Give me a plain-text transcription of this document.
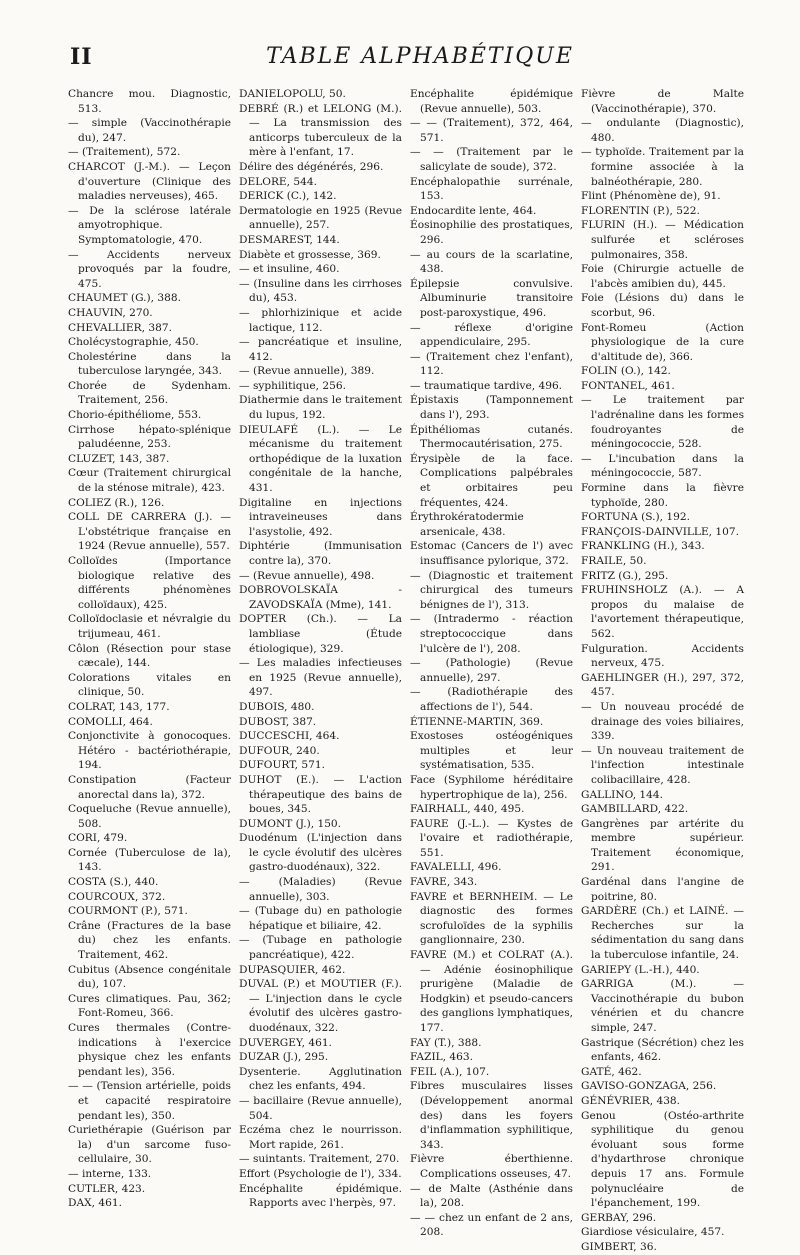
II	TABLE ALPHABÉTIQUE
Chancre mou. Diagnostic, 513.
— simple (Vaccinothérapie du), 247.
— (Traitement), 572.
CHARCOT (J.-M.). — Leçon d'ouverture (Clinique des maladies nerveuses), 465.
— De la sclérose latérale amyotrophique. Symptomatologie, 470.
— Accidents nerveux provoqués par la foudre, 475.
CHAUMET (G.), 388.
CHAUVIN, 270.
CHEVALLIER, 387.
Cholécystographie, 450.
Cholestérine dans la tuberculose laryngée, 343.
Chorée de Sydenham. Traitement, 256.
Chorio-épithéliome, 553.
Cirrhose hépato-splénique paludéenne, 253.
CLUZET, 143, 387.
Cœur (Traitement chirurgical de la sténose mitrale), 423.
COLIEZ (R.), 126.
COLL DE CARRERA (J.). — L'obstétrique française en 1924 (Revue annuelle), 557.
Colloïdes (Importance biologique relative des différents phénomènes colloïdaux), 425.
Colloïdoclasie et névralgie du trijumeau, 461.
Côlon (Résection pour stase cæcale), 144.
Colorations vitales en clinique, 50.
COLRAT, 143, 177.
COMOLLI, 464.
Conjonctivite à gonocoques. Hétéro - bactériothérapie, 194.
Constipation (Facteur anorectal dans la), 372.
Coqueluche (Revue annuelle), 508.
CORI, 479.
Cornée (Tuberculose de la), 143.
COSTA (S.), 440.
COURCOUX, 372.
COURMONT (P.), 571.
Crâne (Fractures de la base du) chez les enfants. Traitement, 462.
Cubitus (Absence congénitale du), 107.
Cures climatiques. Pau, 362; Font-Romeu, 366.
Cures thermales (Contre-indications à l'exercice physique chez les enfants pendant les), 356.
— — (Tension artérielle, poids et capacité respiratoire pendant les), 350.
Curiethérapie (Guérison par la) d'un sarcome fuso-cellulaire, 30.
— interne, 133.
CUTLER, 423.
DAX, 461.
DANIELOPOLU, 50.
DEBRÉ (R.) et LELONG (M.). — La transmission des anticorps tuberculeux de la mère à l'enfant, 17.
Délire des dégénérés, 296.
DELORE, 544.
DERICK (C.), 142.
Dermatologie en 1925 (Revue annuelle), 257.
DESMAREST, 144.
Diabète et grossesse, 369.
— et insuline, 460.
— (Insuline dans les cirrhoses du), 453.
— phlorhizinique et acide lactique, 112.
— pancréatique et insuline, 412.
— (Revue annuelle), 389.
— syphilitique, 256.
Diathermie dans le traitement du lupus, 192.
DIEULAFÉ (L.). — Le mécanisme du traitement orthopédique de la luxation congénitale de la hanche, 431.
Digitaline en injections intraveineuses dans l'asystolie, 492.
Diphtérie (Immunisation contre la), 370.
— (Revue annuelle), 498.
DOBROVOLSKAÏA - ZAVODSKAÏA (Mme), 141.
DOPTER (Ch.). — La lambliase (Étude étiologique), 329.
— Les maladies infectieuses en 1925 (Revue annuelle), 497.
DUBOIS, 480.
DUBOST, 387.
DUCCESCHI, 464.
DUFOUR, 240.
DUFOURT, 571.
DUHOT (E.). — L'action thérapeutique des bains de boues, 345.
DUMONT (J.), 150.
Duodénum (L'injection dans le cycle évolutif des ulcères gastro-duodénaux), 322.
— (Maladies) (Revue annuelle), 303.
— (Tubage du) en pathologie hépatique et biliaire, 42.
— (Tubage en pathologie pancréatique), 422.
DUPASQUIER, 462.
DUVAL (P.) et MOUTIER (F.). — L'injection dans le cycle évolutif des ulcères gastro-duodénaux, 322.
DUVERGEY, 461.
DUZAR (J.), 295.
Dysenterie. Agglutination chez les enfants, 494.
— bacillaire (Revue annuelle), 504.
Eczéma chez le nourrisson. Mort rapide, 261.
— suintants. Traitement, 270.
Effort (Psychologie de l'), 334.
Encéphalite épidémique. Rapports avec l'herpès, 97.
Encéphalite épidémique (Revue annuelle), 503.
— — (Traitement), 372, 464, 571.
— — (Traitement par le salicylate de soude), 372.
Encéphalopathie surrénale, 153.
Endocardite lente, 464.
Éosinophilie des prostatiques, 296.
— au cours de la scarlatine, 438.
Épilepsie convulsive. Albuminurie transitoire post-paroxystique, 496.
— réflexe d'origine appendiculaire, 295.
— (Traitement chez l'enfant), 112.
— traumatique tardive, 496.
Épistaxis (Tamponnement dans l'), 293.
Épithéliomas cutanés. Thermocautérisation, 275.
Érysipèle de la face. Complications palpébrales et orbitaires peu fréquentes, 424.
Érythrokératodermie arsenicale, 438.
Estomac (Cancers de l') avec insuffisance pylorique, 372.
— (Diagnostic et traitement chirurgical des tumeurs bénignes de l'), 313.
— (Intradermo - réaction streptococcique dans l'ulcère de l'), 208.
— (Pathologie) (Revue annuelle), 297.
— (Radiothérapie des affections de l'), 544.
ÉTIENNE-MARTIN, 369.
Exostoses ostéogéniques multiples et leur systématisation, 535.
Face (Syphilome héréditaire hypertrophique de la), 256.
FAIRHALL, 440, 495.
FAURE (J.-L.). — Kystes de l'ovaire et radiothérapie, 551.
FAVALELLI, 496.
FAVRE, 343.
FAVRE et BERNHEIM. — Le diagnostic des formes scrofuloïdes de la syphilis ganglionnaire, 230.
FAVRE (M.) et COLRAT (A.). — Adénie éosinophilique prurigène (Maladie de Hodgkin) et pseudo-cancers des ganglions lymphatiques, 177.
FAY (T.), 388.
FAZIL, 463.
FEIL (A.), 107.
Fibres musculaires lisses (Développement anormal des) dans les foyers d'inflammation syphilitique, 343.
Fièvre éberthienne. Complications osseuses, 47.
— de Malte (Asthénie dans la), 208.
— — chez un enfant de 2 ans, 208.
Fièvre de Malte (Vaccinothérapie), 370.
— ondulante (Diagnostic), 480.
— typhoïde. Traitement par la formine associée à la balnéothérapie, 280.
Flint (Phénomène de), 91.
FLORENTIN (P.), 522.
FLURIN (H.). — Médication sulfurée et scléroses pulmonaires, 358.
Foie (Chirurgie actuelle de l'abcès amibien du), 445.
Foie (Lésions du) dans le scorbut, 96.
Font-Romeu (Action physiologique de la cure d'altitude de), 366.
FOLIN (O.), 142.
FONTANEL, 461.
— Le traitement par l'adrénaline dans les formes foudroyantes de méningococcie, 528.
— L'incubation dans la méningococcie, 587.
Formine dans la fièvre typhoïde, 280.
FORTUNA (S.), 192.
FRANÇOIS-DAINVILLE, 107.
FRANKLING (H.), 343.
FRAILE, 50.
FRITZ (G.), 295.
FRUHINSHOLZ (A.). — A propos du malaise de l'avortement thérapeutique, 562.
Fulguration. Accidents nerveux, 475.
GAEHLINGER (H.), 297, 372, 457.
— Un nouveau procédé de drainage des voies biliaires, 339.
— Un nouveau traitement de l'infection intestinale colibacillaire, 428.
GALLINO, 144.
GAMBILLARD, 422.
Gangrènes par artérite du membre supérieur. Traitement économique, 291.
Gardénal dans l'angine de poitrine, 80.
GARDÈRE (Ch.) et LAINÉ. — Recherches sur la sédimentation du sang dans la tuberculose infantile, 24.
GARIEPY (L.-H.), 440.
GARRIGA (M.). — Vaccinothérapie du bubon vénérien et du chancre simple, 247.
Gastrique (Sécrétion) chez les enfants, 462.
GATÉ, 462.
GAVISO-GONZAGA, 256.
GÉNÉVRIER, 438.
Genou (Ostéo-arthrite syphilitique du genou évoluant sous forme d'hydarthrose chronique depuis 17 ans. Formule polynucléaire de l'épanchement, 199.
GERBAY, 296.
Giardiose vésiculaire, 457.
GIMBERT, 36.
